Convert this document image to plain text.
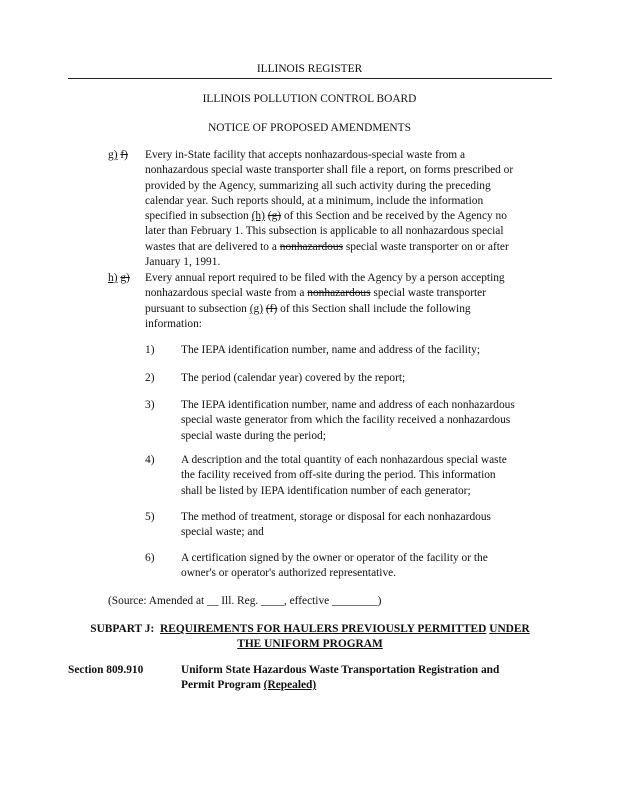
ILLINOIS REGISTER
ILLINOIS POLLUTION CONTROL BOARD
NOTICE OF PROPOSED AMENDMENTS
g) f) Every in-State facility that accepts nonhazardous-special waste from a
nonhazardous special waste transporter shall file a report, on forms prescribed or
provided by the Agency, summarizing all such activity during the preceding
calendar year. Such reports should, at a minimum, include the information
specified in subsection (h) (g) of this Section and be received by the Agency no
later than February 1. This subsection is applicable to all nonhazardous special
wastes that are delivered to a nonhazardous special waste transporter on or after
January 1, 1991.
h) g) Every annual report required to be filed with the Agency by a person accepting
nonhazardous special waste from a nonhazardous special waste transporter
pursuant to subsection (g) (f) of this Section shall include the following
information:
1) The IEPA identification number, name and address of the facility;
2) The period (calendar year) covered by the report;
3) The IEPA identification number, name and address of each nonhazardous
special waste generator from which the facility received a nonhazardous
special waste during the period;
4) A description and the total quantity of each nonhazardous special waste
the facility received from off-site during the period. This information
shall be listed by IEPA identification number of each generator;
5) The method of treatment, storage or disposal for each nonhazardous
special waste; and
6) A certification signed by the owner or operator of the facility or the
owner's or operator's authorized representative.
(Source: Amended at __ Ill. Reg. ____, effective ________)
SUBPART J: REQUIREMENTS FOR HAULERS PREVIOUSLY PERMITTED UNDER
THE UNIFORM PROGRAM
Section 809.910	Uniform State Hazardous Waste Transportation Registration and
Permit Program (Repealed)
